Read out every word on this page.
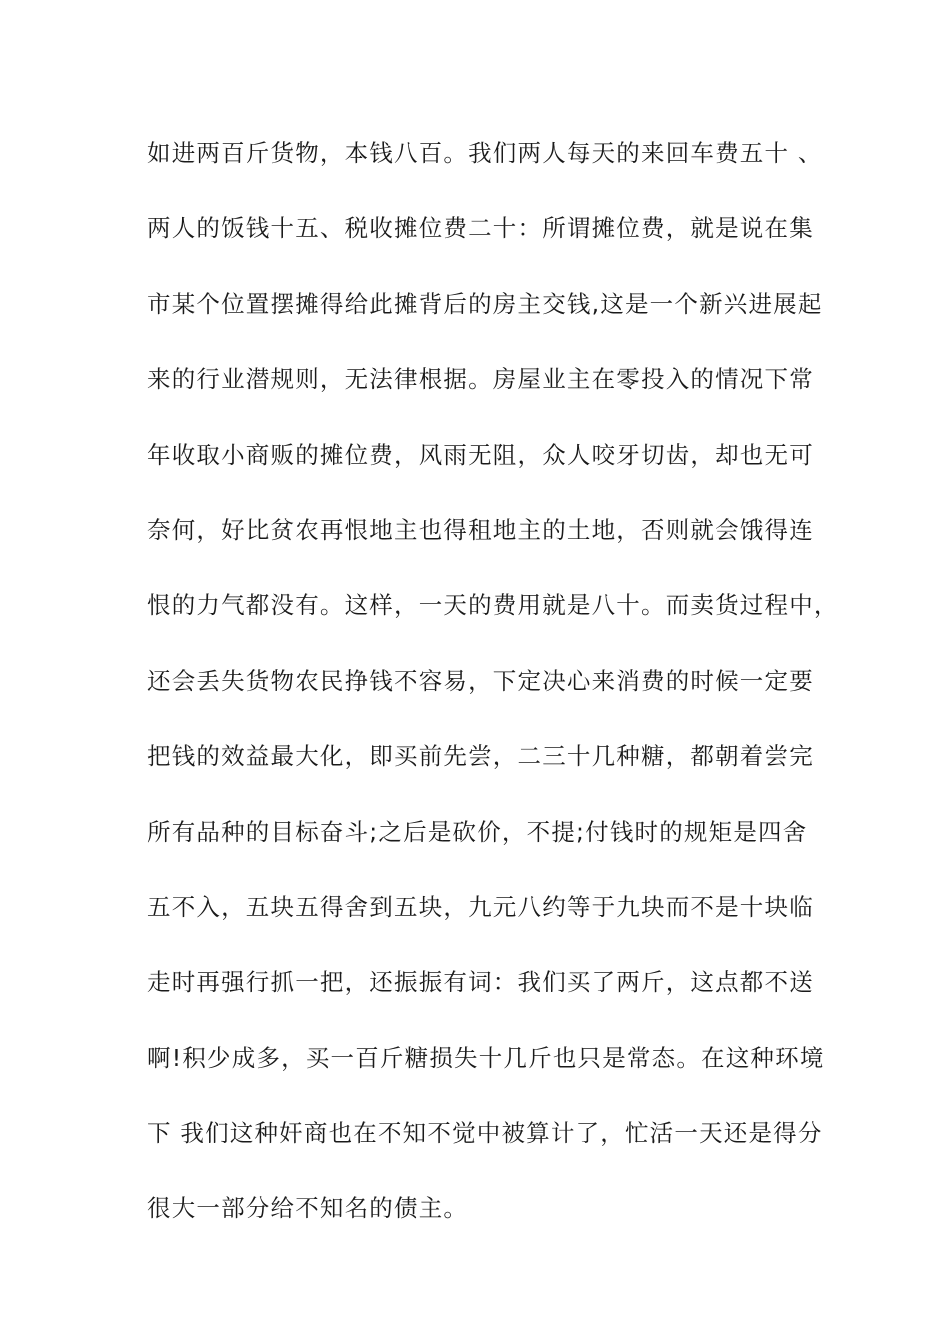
如进两百斤货物，本钱八百。我们两人每天的来回车费五十 、
两人的饭钱十五、税收摊位费二十：所谓摊位费，就是说在集
市某个位置摆摊得给此摊背后的房主交钱,这是一个新兴进展起
来的行业潜规则，无法律根据。房屋业主在零投入的情况下常
年收取小商贩的摊位费，风雨无阻，众人咬牙切齿，却也无可
奈何，好比贫农再恨地主也得租地主的土地，否则就会饿得连
恨的力气都没有。这样，一天的费用就是八十。而卖货过程中，
还会丢失货物农民挣钱不容易，下定决心来消费的时候一定要
把钱的效益最大化，即买前先尝，二三十几种糖，都朝着尝完
所有品种的目标奋斗;之后是砍价，不提;付钱时的规矩是四舍
五不入，五块五得舍到五块，九元八约等于九块而不是十块临
走时再强行抓一把，还振振有词：我们买了两斤，这点都不送
啊!积少成多，买一百斤糖损失十几斤也只是常态。在这种环境
下 我们这种奸商也在不知不觉中被算计了，忙活一天还是得分
很大一部分给不知名的债主。
